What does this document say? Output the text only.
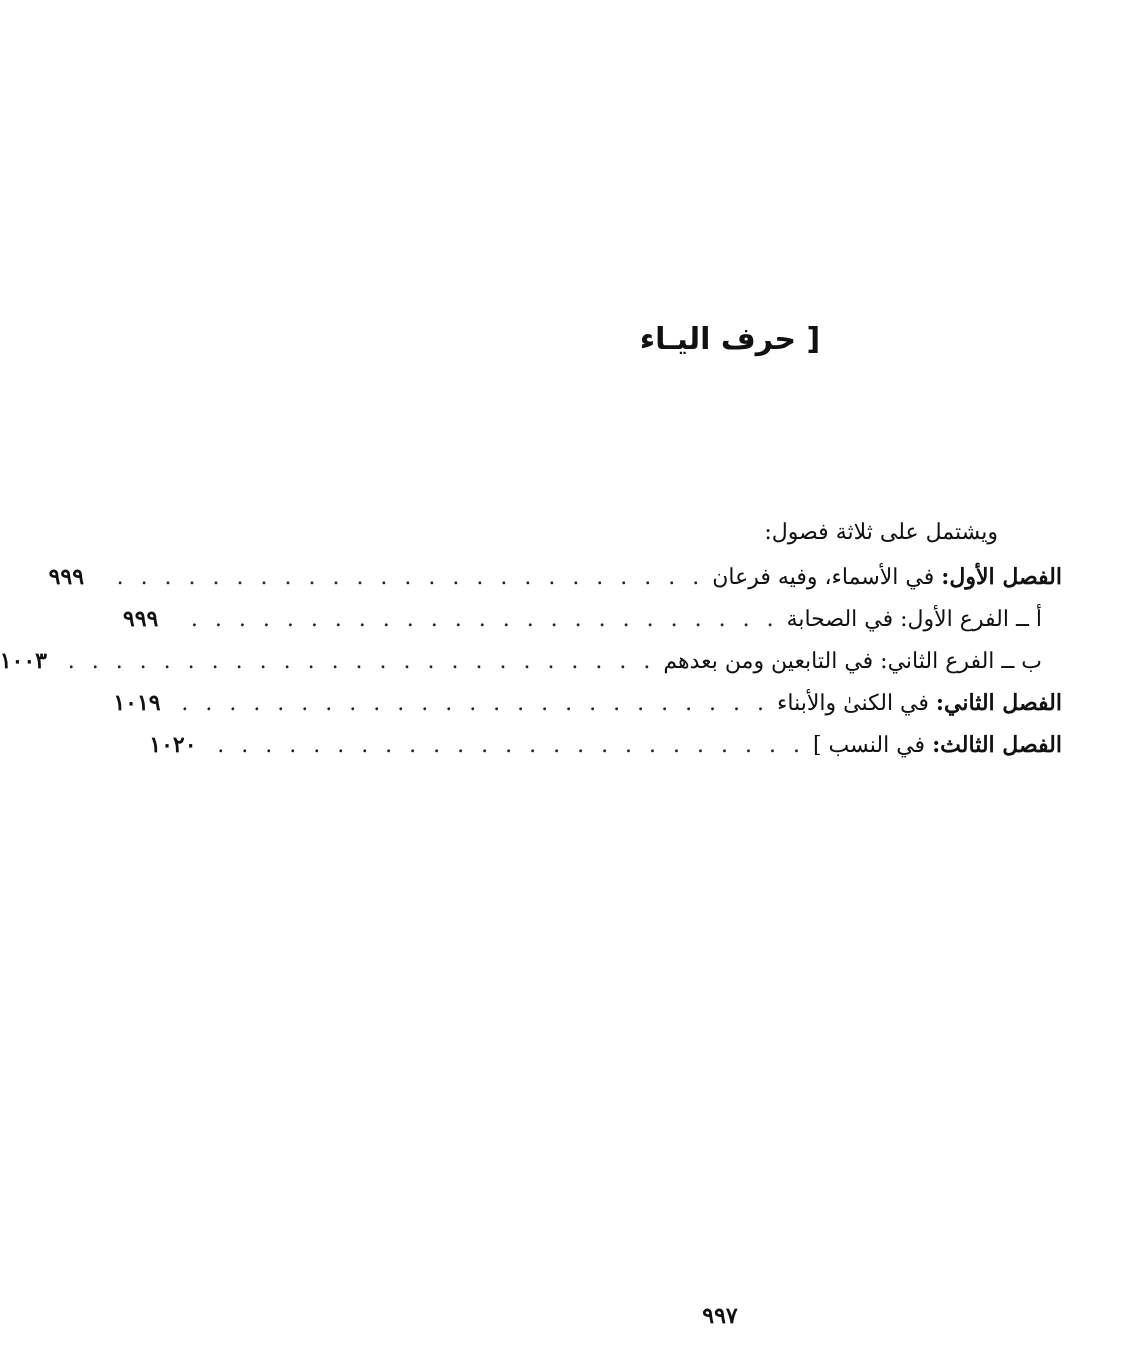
[ حرف اليـاء
ويشتمل على ثلاثة فصول:
الفصل الأول: في الأسماء، وفيه فرعان
. . . . . . . . . . . . . . . . . . . . . . . . .
٩٩٩
أ ــ الفرع الأول: في الصحابة
. . . . . . . . . . . . . . . . . . . . . . . . .
٩٩٩
ب ــ الفرع الثاني: في التابعين ومن بعدهم
. . . . . . . . . . . . . . . . . . . . . . . . .
١٠٠٣
الفصل الثاني: في الكنىٰ والأبناء
. . . . . . . . . . . . . . . . . . . . . . . . .
١٠١٩
الفصل الثالث: في النسب ]
. . . . . . . . . . . . . . . . . . . . . . . . .
١٠٢٠
٩٩٧
